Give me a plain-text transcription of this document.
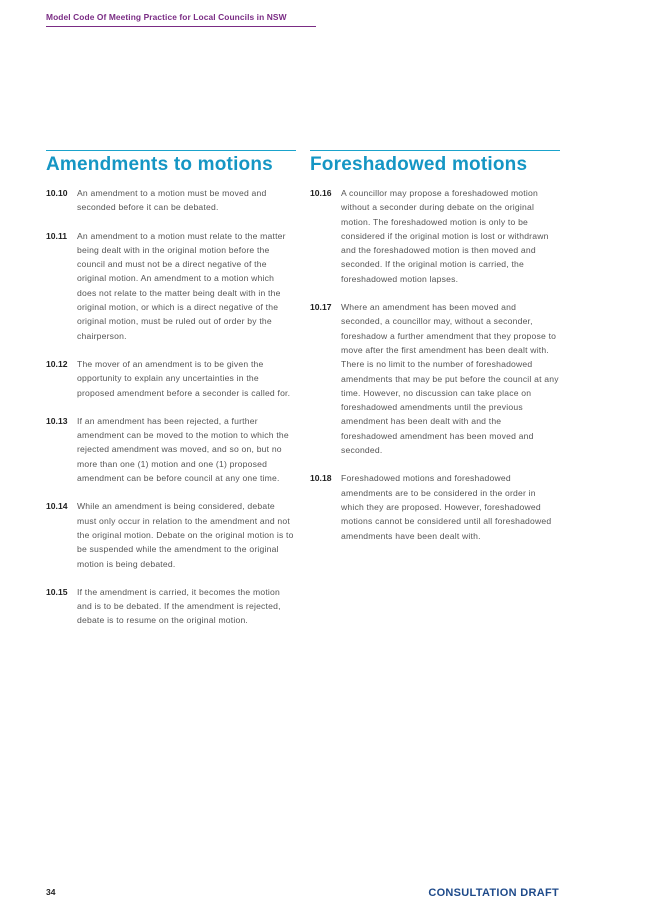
Model Code Of Meeting Practice for Local Councils in NSW
Amendments to motions
10.10	An amendment to a motion must be moved and seconded before it can be debated.

10.11	An amendment to a motion must relate to the matter being dealt with in the original motion before the council and must not be a direct negative of the original motion. An amendment to a motion which does not relate to the matter being dealt with in the original motion, or which is a direct negative of the original motion, must be ruled out of order by the chairperson.

10.12	The mover of an amendment is to be given the opportunity to explain any uncertainties in the proposed amendment before a seconder is called for.

10.13	If an amendment has been rejected, a further amendment can be moved to the motion to which the rejected amendment was moved, and so on, but no more than one (1) motion and one (1) proposed amendment can be before council at any one time.

10.14	While an amendment is being considered, debate must only occur in relation to the amendment and not the original motion. Debate on the original motion is to be suspended while the amendment to the original motion is being debated.

10.15	If the amendment is carried, it becomes the motion and is to be debated. If the amendment is rejected, debate is to resume on the original motion.

Foreshadowed motions
10.16	A councillor may propose a foreshadowed motion without a seconder during debate on the original motion. The foreshadowed motion is only to be considered if the original motion is lost or withdrawn and the foreshadowed motion is then moved and seconded. If the original motion is carried, the foreshadowed motion lapses.

10.17	Where an amendment has been moved and seconded, a councillor may, without a seconder, foreshadow a further amendment that they propose to move after the first amendment has been dealt with. There is no limit to the number of foreshadowed amendments that may be put before the council at any time. However, no discussion can take place on foreshadowed amendments until the previous amendment has been dealt with and the foreshadowed amendment has been moved and seconded.

10.18	Foreshadowed motions and foreshadowed amendments are to be considered in the order in which they are proposed. However, foreshadowed motions cannot be considered until all foreshadowed amendments have been dealt with.

34	CONSULTATION DRAFT
